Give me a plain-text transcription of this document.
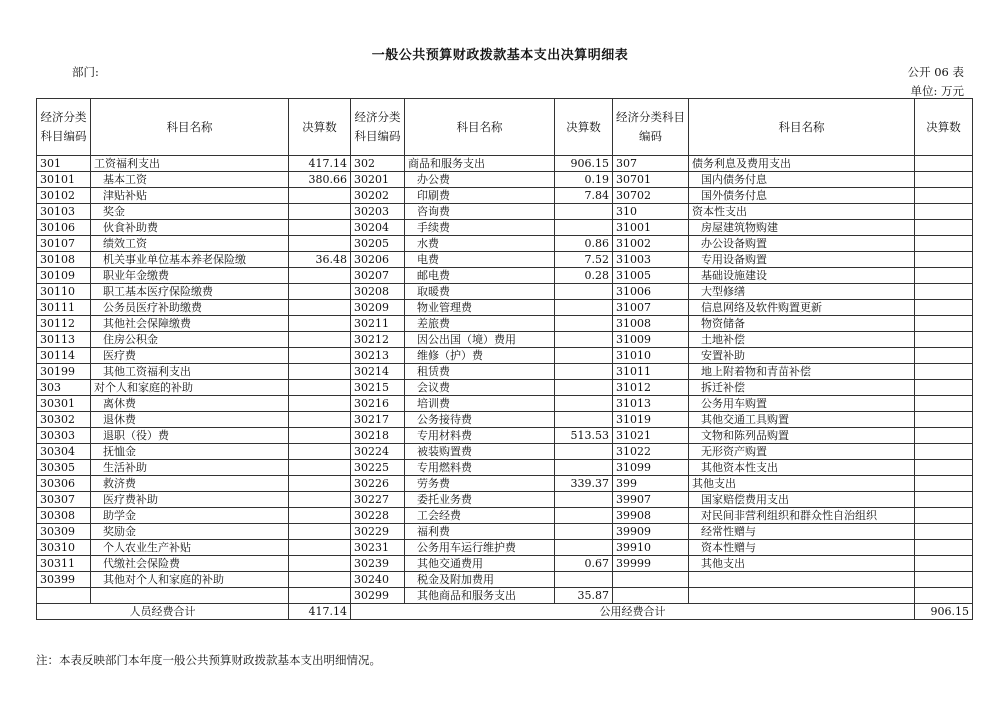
一般公共预算财政拨款基本支出决算明细表
部门:	公开 06 表
单位: 万元
经济分类科目编码	科目名称	决算数	经济分类科目编码	科目名称	决算数	经济分类科目编码	科目名称	决算数
301	工资福利支出	417.14	302	商品和服务支出	906.15	307	债务利息及费用支出	
30101	基本工资	380.66	30201	办公费	0.19	30701	国内债务付息	
30102	津贴补贴		30202	印刷费	7.84	30702	国外债务付息	
30103	奖金		30203	咨询费		310	资本性支出	
30106	伙食补助费		30204	手续费		31001	房屋建筑物购建	
30107	绩效工资		30205	水费	0.86	31002	办公设备购置	
30108	机关事业单位基本养老保险缴	36.48	30206	电费	7.52	31003	专用设备购置	
30109	职业年金缴费		30207	邮电费	0.28	31005	基础设施建设	
30110	职工基本医疗保险缴费		30208	取暖费		31006	大型修缮	
30111	公务员医疗补助缴费		30209	物业管理费		31007	信息网络及软件购置更新	
30112	其他社会保障缴费		30211	差旅费		31008	物资储备	
30113	住房公积金		30212	因公出国（境）费用		31009	土地补偿	
30114	医疗费		30213	维修（护）费		31010	安置补助	
30199	其他工资福利支出		30214	租赁费		31011	地上附着物和青苗补偿	
303	对个人和家庭的补助		30215	会议费		31012	拆迁补偿	
30301	离休费		30216	培训费		31013	公务用车购置	
30302	退休费		30217	公务接待费		31019	其他交通工具购置	
30303	退职（役）费		30218	专用材料费	513.53	31021	文物和陈列品购置	
30304	抚恤金		30224	被装购置费		31022	无形资产购置	
30305	生活补助		30225	专用燃料费		31099	其他资本性支出	
30306	救济费		30226	劳务费	339.37	399	其他支出	
30307	医疗费补助		30227	委托业务费		39907	国家赔偿费用支出	
30308	助学金		30228	工会经费		39908	对民间非营利组织和群众性自治组织	
30309	奖励金		30229	福利费		39909	经常性赠与	
30310	个人农业生产补贴		30231	公务用车运行维护费		39910	资本性赠与	
30311	代缴社会保险费		30239	其他交通费用	0.67	39999	其他支出	
30399	其他对个人和家庭的补助		30240	税金及附加费用				
			30299	其他商品和服务支出	35.87			
人员经费合计		417.14	公用经费合计					906.15
注：本表反映部门本年度一般公共预算财政拨款基本支出明细情况。
